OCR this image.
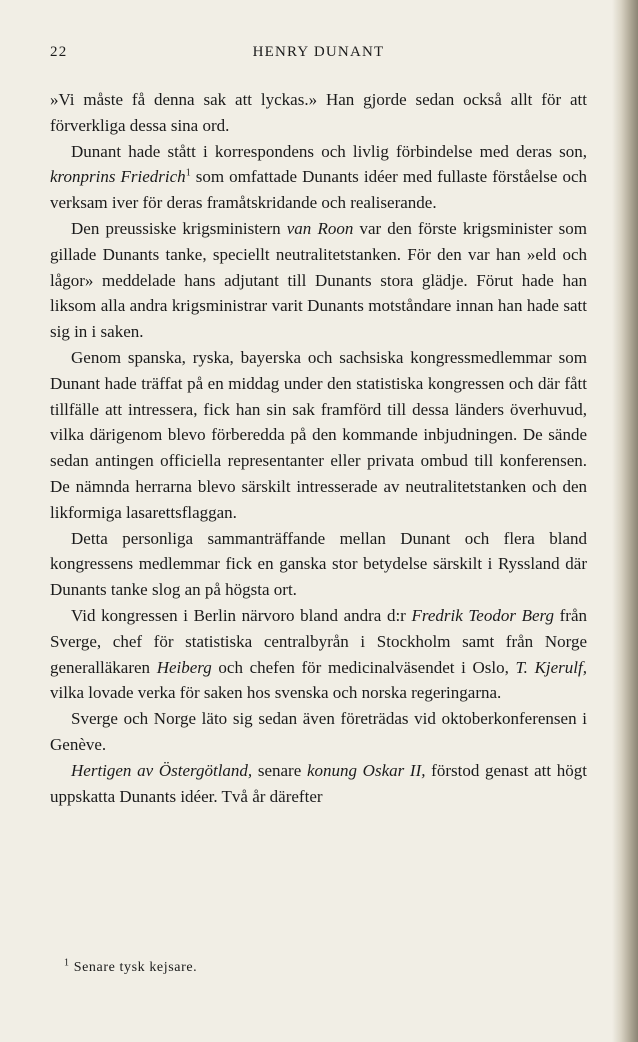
22	HENRY DUNANT

»Vi måste få denna sak att lyckas.» Han gjorde sedan också allt för att förverkliga dessa sina ord.

Dunant hade stått i korrespondens och livlig förbindelse med deras son, kronprins Friedrich$^1$ som omfattade Dunants idéer med fullaste förståelse och verksam iver för deras framåtskridande och realiserande.

Den preussiske krigsministern van Roon var den förste krigsminister som gillade Dunants tanke, speciellt neutralitetstanken. För den var han »eld och lågor» meddelade hans adjutant till Dunants stora glädje. Förut hade han liksom alla andra krigsministrar varit Dunants motståndare innan han hade satt sig in i saken.

Genom spanska, ryska, bayerska och sachsiska kongressmedlemmar som Dunant hade träffat på en middag under den statistiska kongressen och där fått tillfälle att intressera, fick han sin sak framförd till dessa länders överhuvud, vilka därigenom blevo förberedda på den kommande inbjudningen. De sände sedan antingen officiella representanter eller privata ombud till konferensen. De nämnda herrarna blevo särskilt intresserade av neutralitetstanken och den likformiga lasarettsflaggan.

Detta personliga sammanträffande mellan Dunant och flera bland kongressens medlemmar fick en ganska stor betydelse särskilt i Ryssland där Dunants tanke slog an på högsta ort.

Vid kongressen i Berlin närvoro bland andra d:r Fredrik Teodor Berg från Sverge, chef för statistiska centralbyrån i Stockholm samt från Norge generalläkaren Heiberg och chefen för medicinalväsendet i Oslo, T. Kjerulf, vilka lovade verka för saken hos svenska och norska regeringarna.

Sverge och Norge läto sig sedan även företrädas vid oktoberkonferensen i Genève.

Hertigen av Östergötland, senare konung Oskar II, förstod genast att högt uppskatta Dunants idéer. Två år därefter

$^1$ Senare tysk kejsare.
